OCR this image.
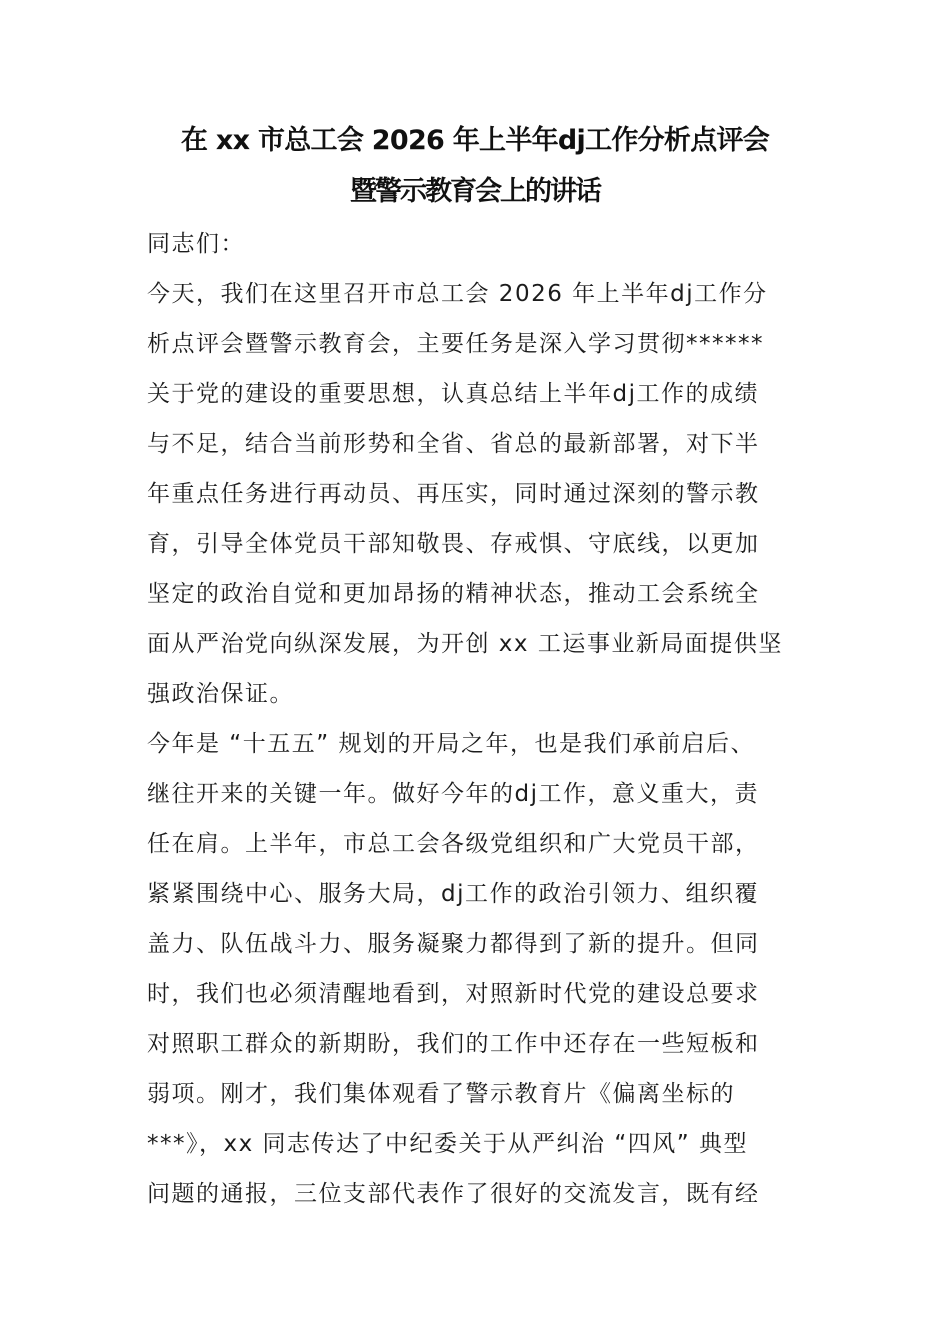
在 xx 市总工会 2026 年上半年dj工作分析点评会
暨警示教育会上的讲话
同志们：
今天，我们在这里召开市总工会 2026 年上半年dj工作分
析点评会暨警示教育会，主要任务是深入学习贯彻******
关于党的建设的重要思想，认真总结上半年dj工作的成绩
与不足，结合当前形势和全省、省总的最新部署，对下半
年重点任务进行再动员、再压实，同时通过深刻的警示教
育，引导全体党员干部知敬畏、存戒惧、守底线，以更加
坚定的政治自觉和更加昂扬的精神状态，推动工会系统全
面从严治党向纵深发展，为开创 xx 工运事业新局面提供坚
强政治保证。
今年是 “十五五” 规划的开局之年，也是我们承前启后、
继往开来的关键一年。做好今年的dj工作，意义重大，责
任在肩。上半年，市总工会各级党组织和广大党员干部，
紧紧围绕中心、服务大局，dj工作的政治引领力、组织覆
盖力、队伍战斗力、服务凝聚力都得到了新的提升。但同
时，我们也必须清醒地看到，对照新时代党的建设总要求
对照职工群众的新期盼，我们的工作中还存在一些短板和
弱项。刚才，我们集体观看了警示教育片《偏离坐标的
***》，xx 同志传达了中纪委关于从严纠治 “四风” 典型
问题的通报，三位支部代表作了很好的交流发言，既有经
